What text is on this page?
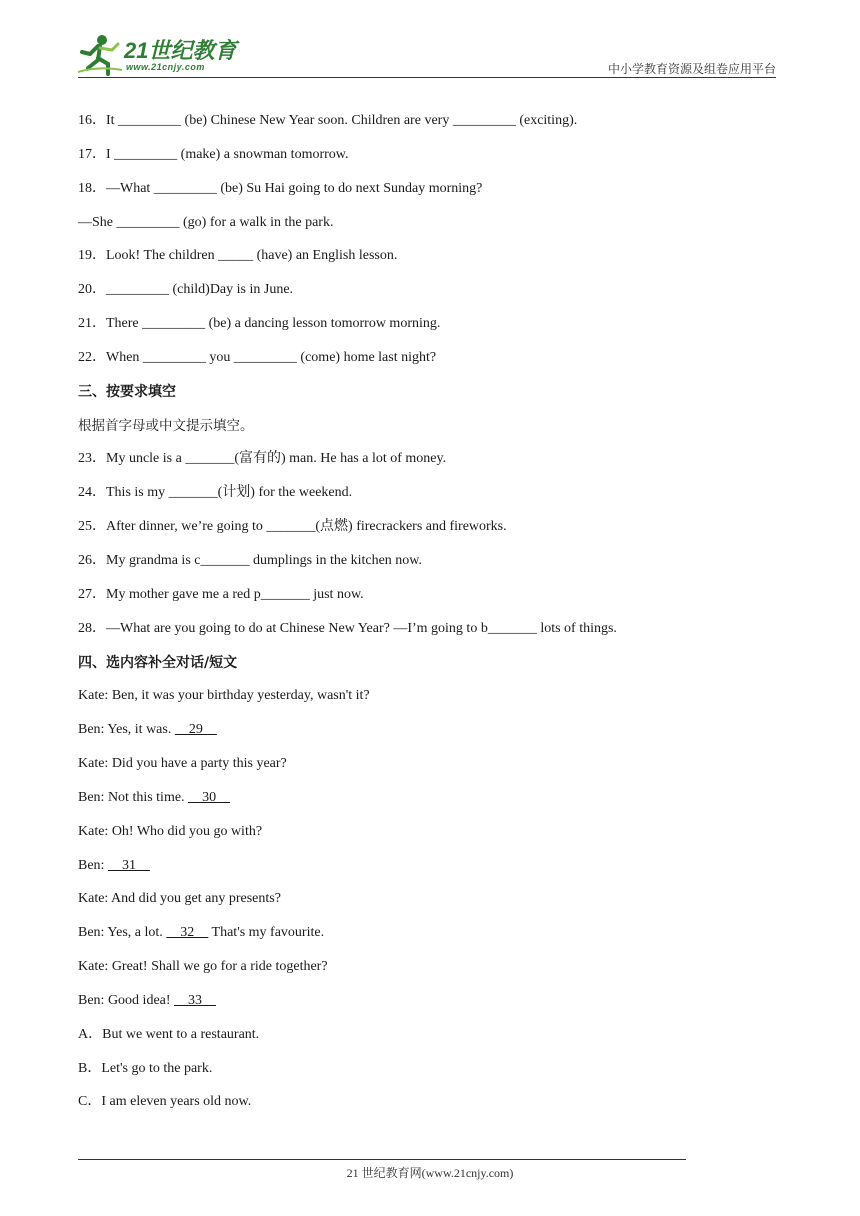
21世纪教育
www.21cnjy.com	中小学教育资源及组卷应用平台
16．It _________ (be) Chinese New Year soon. Children are very _________ (exciting).
17．I _________ (make) a snowman tomorrow.
18．—What _________ (be) Su Hai going to do next Sunday morning?
—She _________ (go) for a walk in the park.
19．Look! The children _____ (have) an English lesson.
20．_________ (child)Day is in June.
21．There _________ (be) a dancing lesson tomorrow morning.
22．When _________ you _________ (come) home last night?
三、按要求填空
根据首字母或中文提示填空。
23．My uncle is a _______(富有的) man. He has a lot of money.
24．This is my _______(计划) for the weekend.
25．After dinner, we’re going to _______(点燃) firecrackers and fireworks.
26．My grandma is c_______ dumplings in the kitchen now.
27．My mother gave me a red p_______ just now.
28．—What are you going to do at Chinese New Year? —I’m going to b_______ lots of things.
四、选内容补全对话/短文
Kate: Ben, it was your birthday yesterday, wasn't it?
Ben: Yes, it was.     29
Kate: Did you have a party this year?
Ben: Not this time.     30
Kate: Oh! Who did you go with?
Ben:     31
Kate: And did you get any presents?
Ben: Yes, a lot.     32     That's my favourite.
Kate: Great! Shall we go for a ride together?
Ben: Good idea!     33
A．But we went to a restaurant.
B．Let's go to the park.
C．I am eleven years old now.
21 世纪教育网(www.21cnjy.com)
